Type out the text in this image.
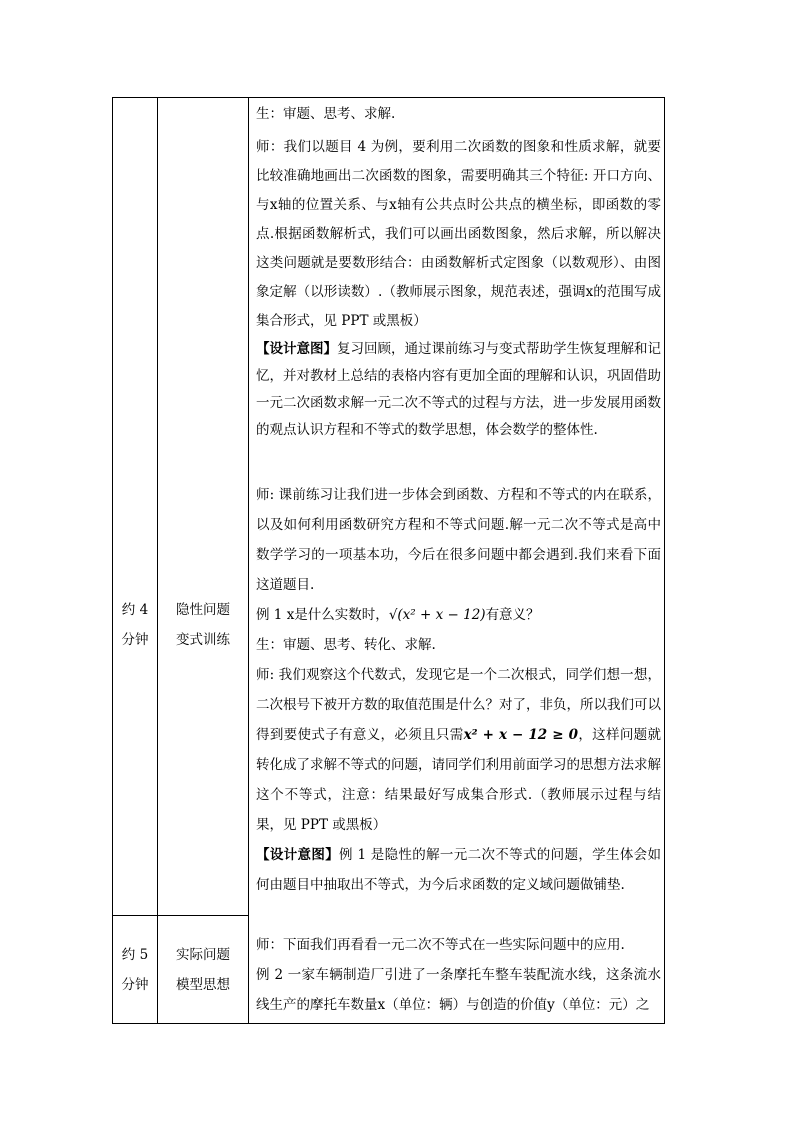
约 4
分钟
隐性问题
变式训练
约 5
分钟
实际问题
模型思想

生：审题、思考、求解.

师：我们以题目 4 为例，要利用二次函数的图象和性质求解，就要比较准确地画出二次函数的图象，需要明确其三个特征: 开口方向、与x轴的位置关系、与x轴有公共点时公共点的横坐标，即函数的零点.根据函数解析式，我们可以画出函数图象，然后求解，所以解决这类问题就是要数形结合：由函数解析式定图象（以数观形）、由图象定解（以形读数）.（教师展示图象，规范表述，强调x的范围写成集合形式，见 PPT 或黑板）

【设计意图】复习回顾，通过课前练习与变式帮助学生恢复理解和记忆，并对教材上总结的表格内容有更加全面的理解和认识，巩固借助一元二次函数求解一元二次不等式的过程与方法，进一步发展用函数的观点认识方程和不等式的数学思想，体会数学的整体性.

师: 课前练习让我们进一步体会到函数、方程和不等式的内在联系，以及如何利用函数研究方程和不等式问题.解一元二次不等式是高中数学学习的一项基本功，今后在很多问题中都会遇到.我们来看下面这道题目.

例 1 x是什么实数时，√(x² + x − 12)有意义？

生：审题、思考、转化、求解.

师: 我们观察这个代数式，发现它是一个二次根式，同学们想一想，二次根号下被开方数的取值范围是什么？对了，非负，所以我们可以得到要使式子有意义，必须且只需x² + x − 12 ≥ 0，这样问题就转化成了求解不等式的问题，请同学们利用前面学习的思想方法求解这个不等式，注意：结果最好写成集合形式.（教师展示过程与结果，见 PPT 或黑板）

【设计意图】例 1 是隐性的解一元二次不等式的问题，学生体会如何由题目中抽取出不等式，为今后求函数的定义域问题做铺垫.

师：下面我们再看看一元二次不等式在一些实际问题中的应用.

例 2 一家车辆制造厂引进了一条摩托车整车装配流水线，这条流水线生产的摩托车数量x（单位：辆）与创造的价值y（单位：元）之
